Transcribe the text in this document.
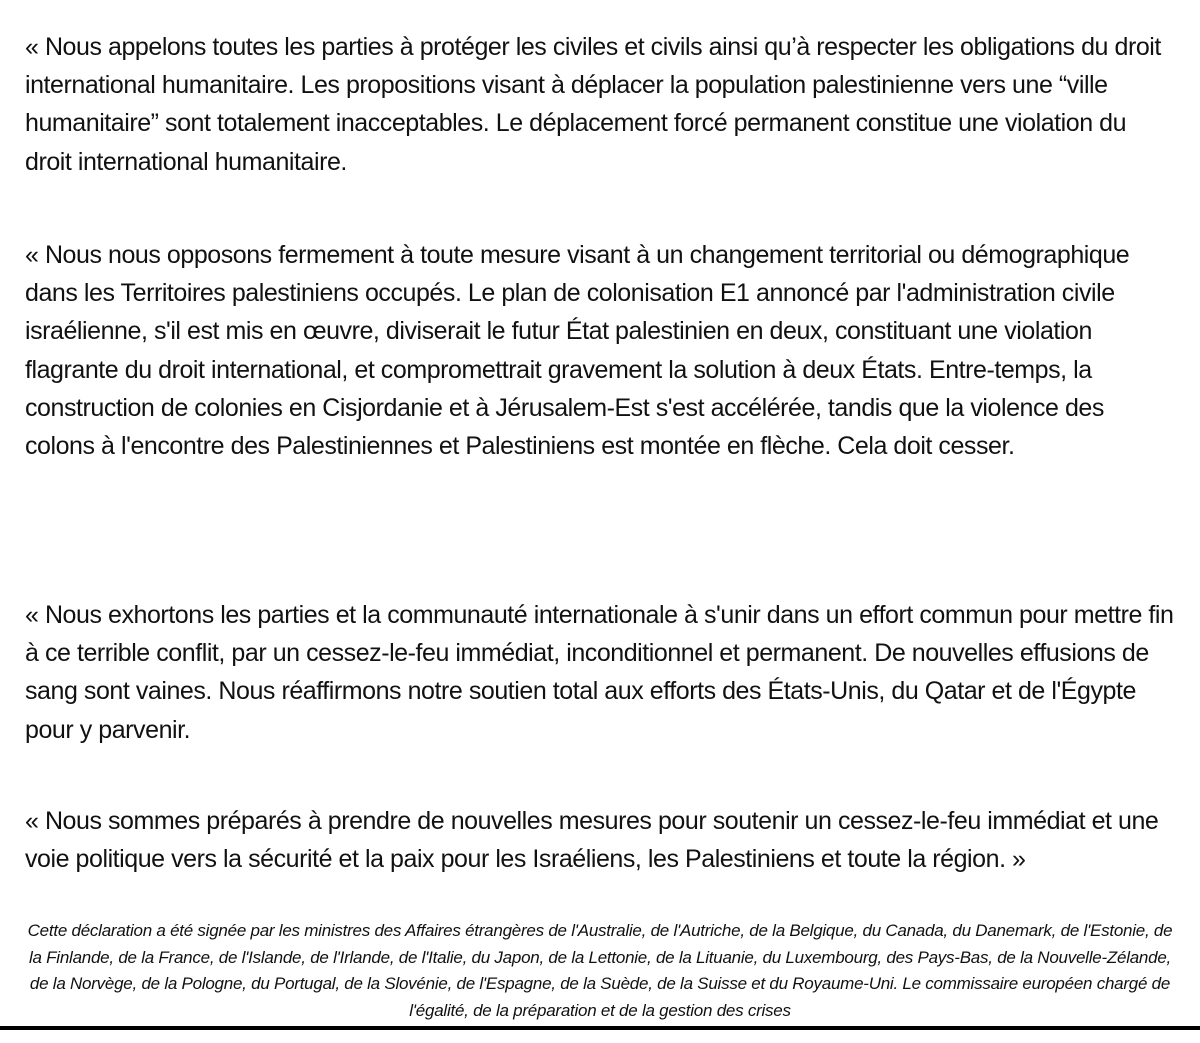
« Nous appelons toutes les parties à protéger les civiles et civils ainsi qu’à respecter les obligations du droit international humanitaire. Les propositions visant à déplacer la population palestinienne vers une “ville humanitaire” sont totalement inacceptables. Le déplacement forcé permanent constitue une violation du droit international humanitaire.

« Nous nous opposons fermement à toute mesure visant à un changement territorial ou démographique dans les Territoires palestiniens occupés. Le plan de colonisation E1 annoncé par l'administration civile israélienne, s'il est mis en œuvre, diviserait le futur État palestinien en deux, constituant une violation flagrante du droit international, et compromettrait gravement la solution à deux États. Entre-temps, la construction de colonies en Cisjordanie et à Jérusalem-Est s'est accélérée, tandis que la violence des colons à l'encontre des Palestiniennes et Palestiniens est montée en flèche. Cela doit cesser.

« Nous exhortons les parties et la communauté internationale à s'unir dans un effort commun pour mettre fin à ce terrible conflit, par un cessez-le-feu immédiat, inconditionnel et permanent. De nouvelles effusions de sang sont vaines. Nous réaffirmons notre soutien total aux efforts des États-Unis, du Qatar et de l'Égypte pour y parvenir.

« Nous sommes préparés à prendre de nouvelles mesures pour soutenir un cessez-le-feu immédiat et une voie politique vers la sécurité et la paix pour les Israéliens, les Palestiniens et toute la région. »

Cette déclaration a été signée par les ministres des Affaires étrangères de l'Australie, de l'Autriche, de la Belgique, du Canada, du Danemark, de l'Estonie, de la Finlande, de la France, de l'Islande, de l'Irlande, de l'Italie, du Japon, de la Lettonie, de la Lituanie, du Luxembourg, des Pays-Bas, de la Nouvelle-Zélande, de la Norvège, de la Pologne, du Portugal, de la Slovénie, de l'Espagne, de la Suède, de la Suisse et du Royaume-Uni. Le commissaire européen chargé de l'égalité, de la préparation et de la gestion des crises
